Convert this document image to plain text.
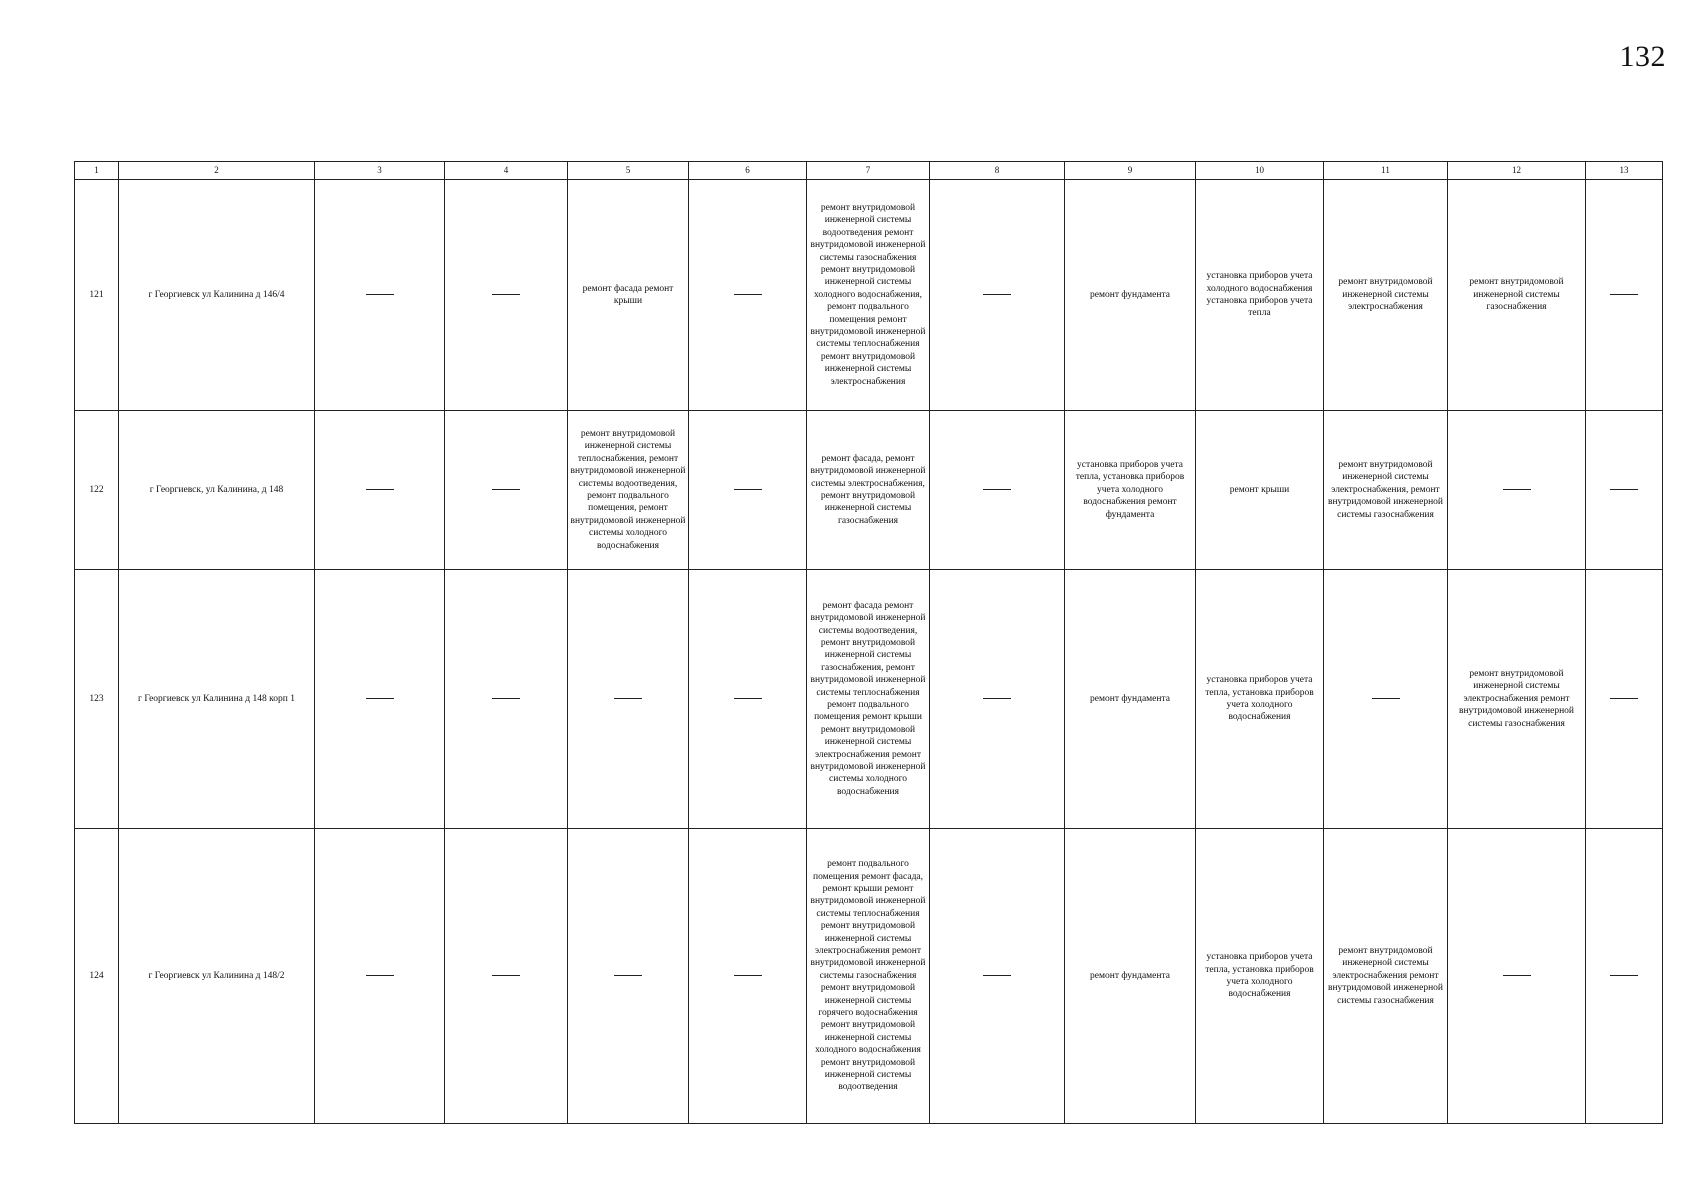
132
1	2	3	4	5	6	7	8	9	10	11	12	13
121	г Георгиевск ул Калинина д 146/4			ремонт фасада ремонт крыши		ремонт внутридомовой инженерной системы водоотведения ремонт внутридомовой инженерной системы газоснабжения ремонт внутридомовой инженерной системы холодного водоснабжения, ремонт подвального помещения ремонт внутридомовой инженерной системы теплоснабжения ремонт внутридомовой инженерной системы электроснабжения		ремонт фундамента	установка приборов учета холодного водоснабжения установка приборов учета тепла	ремонт внутридомовой инженерной системы электроснабжения	ремонт внутридомовой инженерной системы газоснабжения	
122	г Георгиевск, ул Калинина, д 148			ремонт внутридомовой инженерной системы теплоснабжения, ремонт внутридомовой инженерной системы водоотведения, ремонт подвального помещения, ремонт внутридомовой инженерной системы холодного водоснабжения		ремонт фасада, ремонт внутридомовой инженерной системы электроснабжения, ремонт внутридомовой инженерной системы газоснабжения		установка приборов учета тепла, установка приборов учета холодного водоснабжения ремонт фундамента	ремонт крыши	ремонт внутридомовой инженерной системы электроснабжения, ремонт внутридомовой инженерной системы газоснабжения		
123	г Георгиевск ул Калинина д 148 корп 1					ремонт фасада ремонт внутридомовой инженерной системы водоотведения, ремонт внутридомовой инженерной системы газоснабжения, ремонт внутридомовой инженерной системы теплоснабжения ремонт подвального помещения ремонт крыши ремонт внутридомовой инженерной системы электроснабжения ремонт внутридомовой инженерной системы холодного водоснабжения		ремонт фундамента	установка приборов учета тепла, установка приборов учета холодного водоснабжения		ремонт внутридомовой инженерной системы электроснабжения ремонт внутридомовой инженерной системы газоснабжения	
124	г Георгиевск ул Калинина д 148/2					ремонт подвального помещения ремонт фасада, ремонт крыши ремонт внутридомовой инженерной системы теплоснабжения ремонт внутридомовой инженерной системы электроснабжения ремонт внутридомовой инженерной системы газоснабжения ремонт внутридомовой инженерной системы горячего водоснабжения ремонт внутридомовой инженерной системы холодного водоснабжения ремонт внутридомовой инженерной системы водоотведения		ремонт фундамента	установка приборов учета тепла, установка приборов учета холодного водоснабжения	ремонт внутридомовой инженерной системы электроснабжения ремонт внутридомовой инженерной системы газоснабжения		
